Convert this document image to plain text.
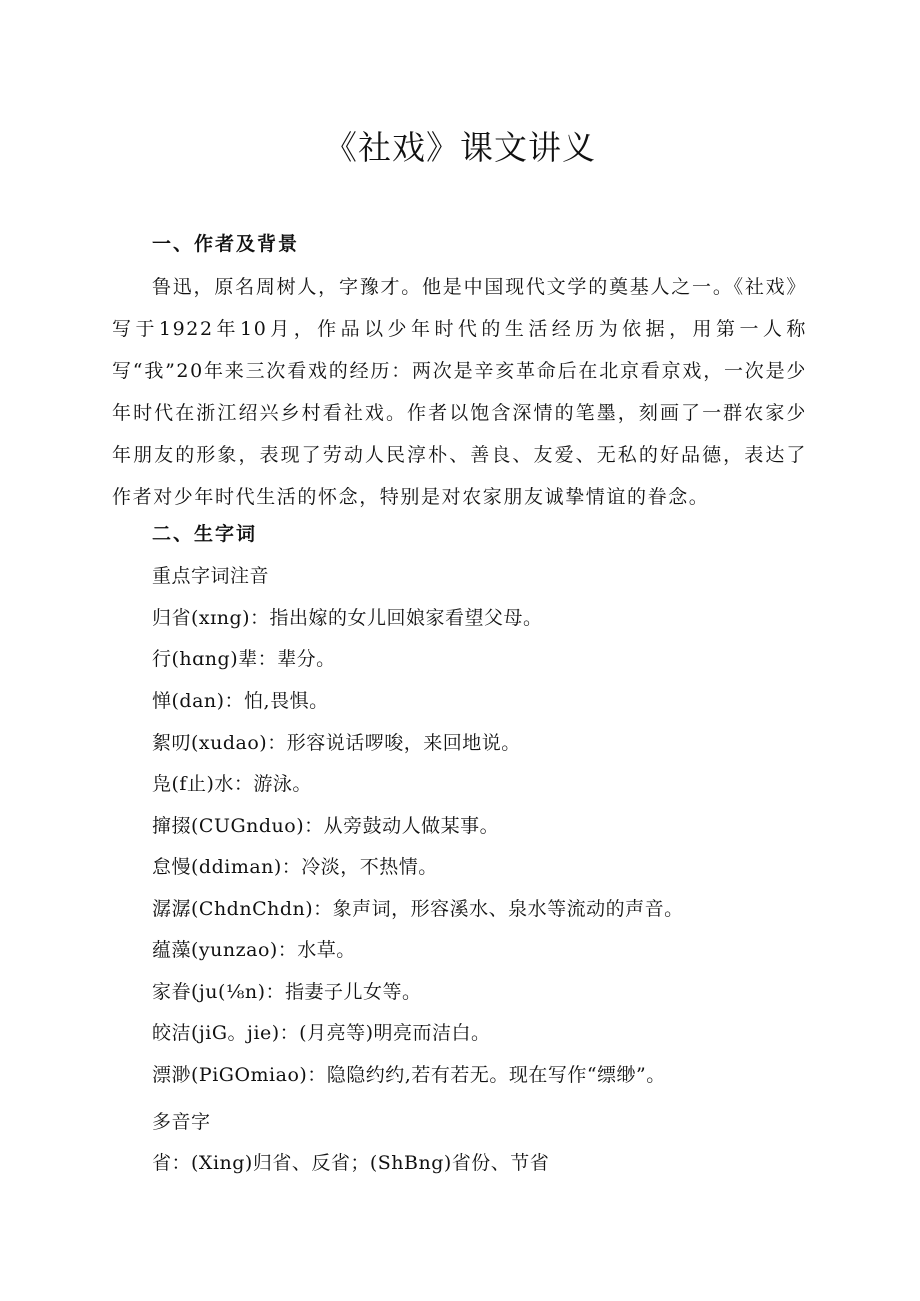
《社戏》课文讲义
一、作者及背景
鲁迅，原名周树人，字豫才。他是中国现代文学的奠基人之一。《社戏》写于1922年10月，作品以少年时代的生活经历为依据，用第一人称写“我”20年来三次看戏的经历：两次是辛亥革命后在北京看京戏，一次是少年时代在浙江绍兴乡村看社戏。作者以饱含深情的笔墨，刻画了一群农家少年朋友的形象，表现了劳动人民淳朴、善良、友爱、无私的好品德，表达了作者对少年时代生活的怀念，特别是对农家朋友诚挚情谊的眷念。
二、生字词
重点字词注音
归省(xɪng)：指出嫁的女儿回娘家看望父母。
行(hɑng)辈：辈分。
惮(dan)：怕,畏惧。
絮叨(xudao)：形容说话啰唆，来回地说。
凫(f止)水：游泳。
撺掇(CUGnduo)：从旁鼓动人做某事。
怠慢(ddiman)：冷淡，不热情。
潺潺(ChdnChdn)：象声词，形容溪水、泉水等流动的声音。
蕴藻(yunzao)：水草。
家眷(ju(⅛n)：指妻子儿女等。
皎洁(jiG。jie)：(月亮等)明亮而洁白。
漂渺(PiGOmiao)：隐隐约约,若有若无。现在写作“缥缈”。
多音字
省：(Xing)归省、反省；(ShBng)省份、节省
